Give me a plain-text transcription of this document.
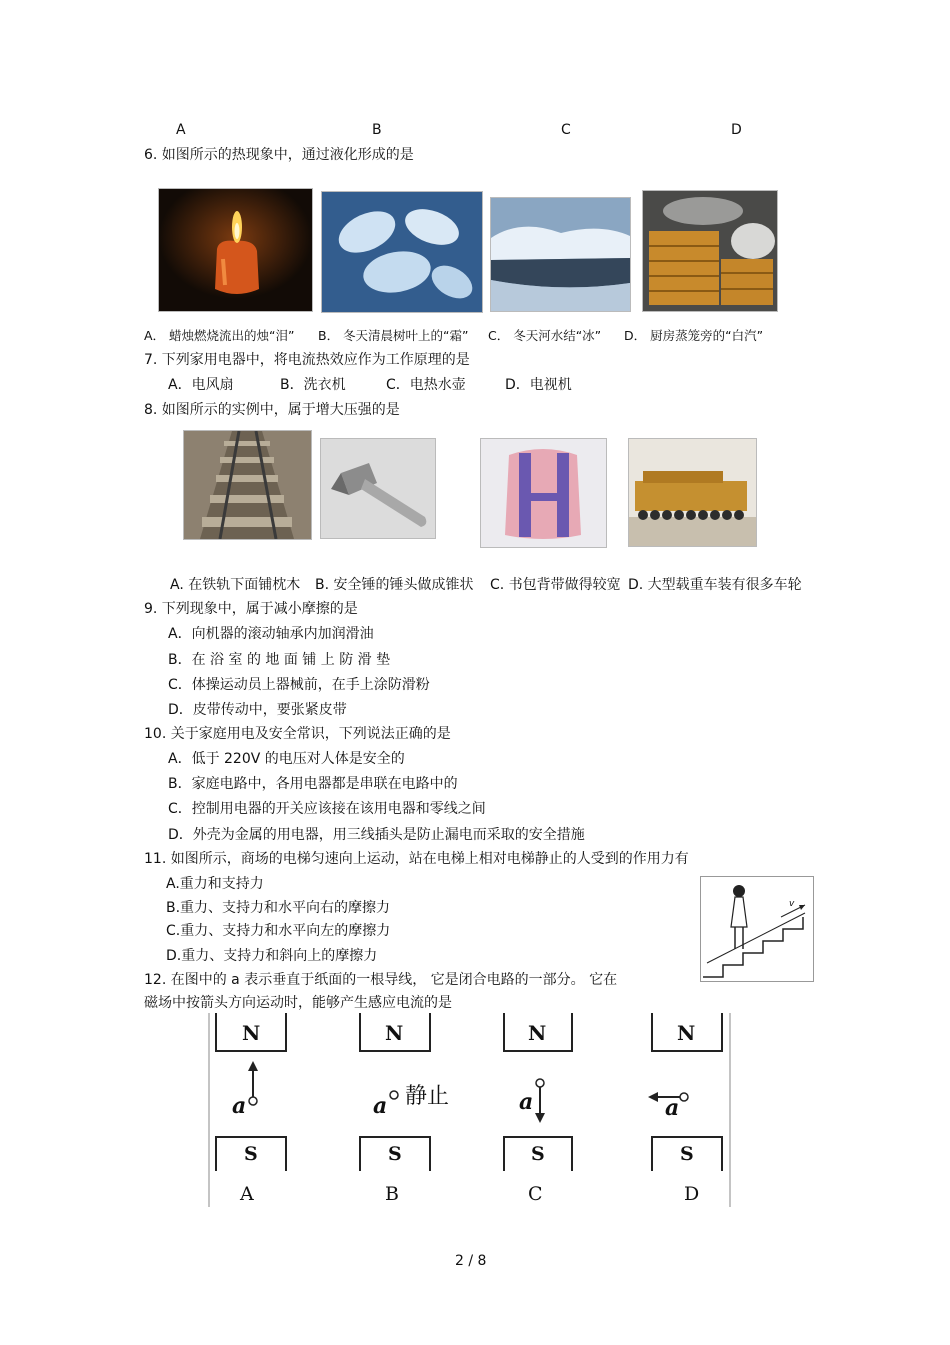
A	B	C	D
6. 如图所示的热现象中，通过液化形成的是
A． 蜡烛燃烧流出的烛“泪” B． 冬天清晨树叶上的“霜” C． 冬天河水结“冰” D． 厨房蒸笼旁的“白汽”
7. 下列家用电器中，将电流热效应作为工作原理的是
A．电风扇	B．洗衣机	C．电热水壶	D．电视机
8. 如图所示的实例中，属于增大压强的是
A. 在铁轨下面铺枕木 B. 安全锤的锤头做成锥状 C. 书包背带做得较宽 D. 大型载重车装有很多车轮
9. 下列现象中，属于减小摩擦的是
A．向机器的滚动轴承内加润滑油
B．在 浴 室 的 地 面 铺 上 防 滑 垫
C．体操运动员上器械前，在手上涂防滑粉
D．皮带传动中，要张紧皮带
10. 关于家庭用电及安全常识，下列说法正确的是
A．低于 220V 的电压对人体是安全的
B．家庭电路中，各用电器都是串联在电路中的
C．控制用电器的开关应该接在该用电器和零线之间
D．外壳为金属的用电器，用三线插头是防止漏电而采取的安全措施
11. 如图所示，商场的电梯匀速向上运动，站在电梯上相对电梯静止的人受到的作用力有
A.重力和支持力
B.重力、支持力和水平向右的摩擦力
C.重力、支持力和水平向左的摩擦力
D.重力、支持力和斜向上的摩擦力
v
12. 在图中的 a 表示垂直于纸面的一根导线， 它是闭合电路的一部分。 它在
磁场中按箭头方向运动时，能够产生感应电流的是
N	N	N	N
S	S	S	S
a	a 静止	a	a
A	B	C	D
2 / 8
